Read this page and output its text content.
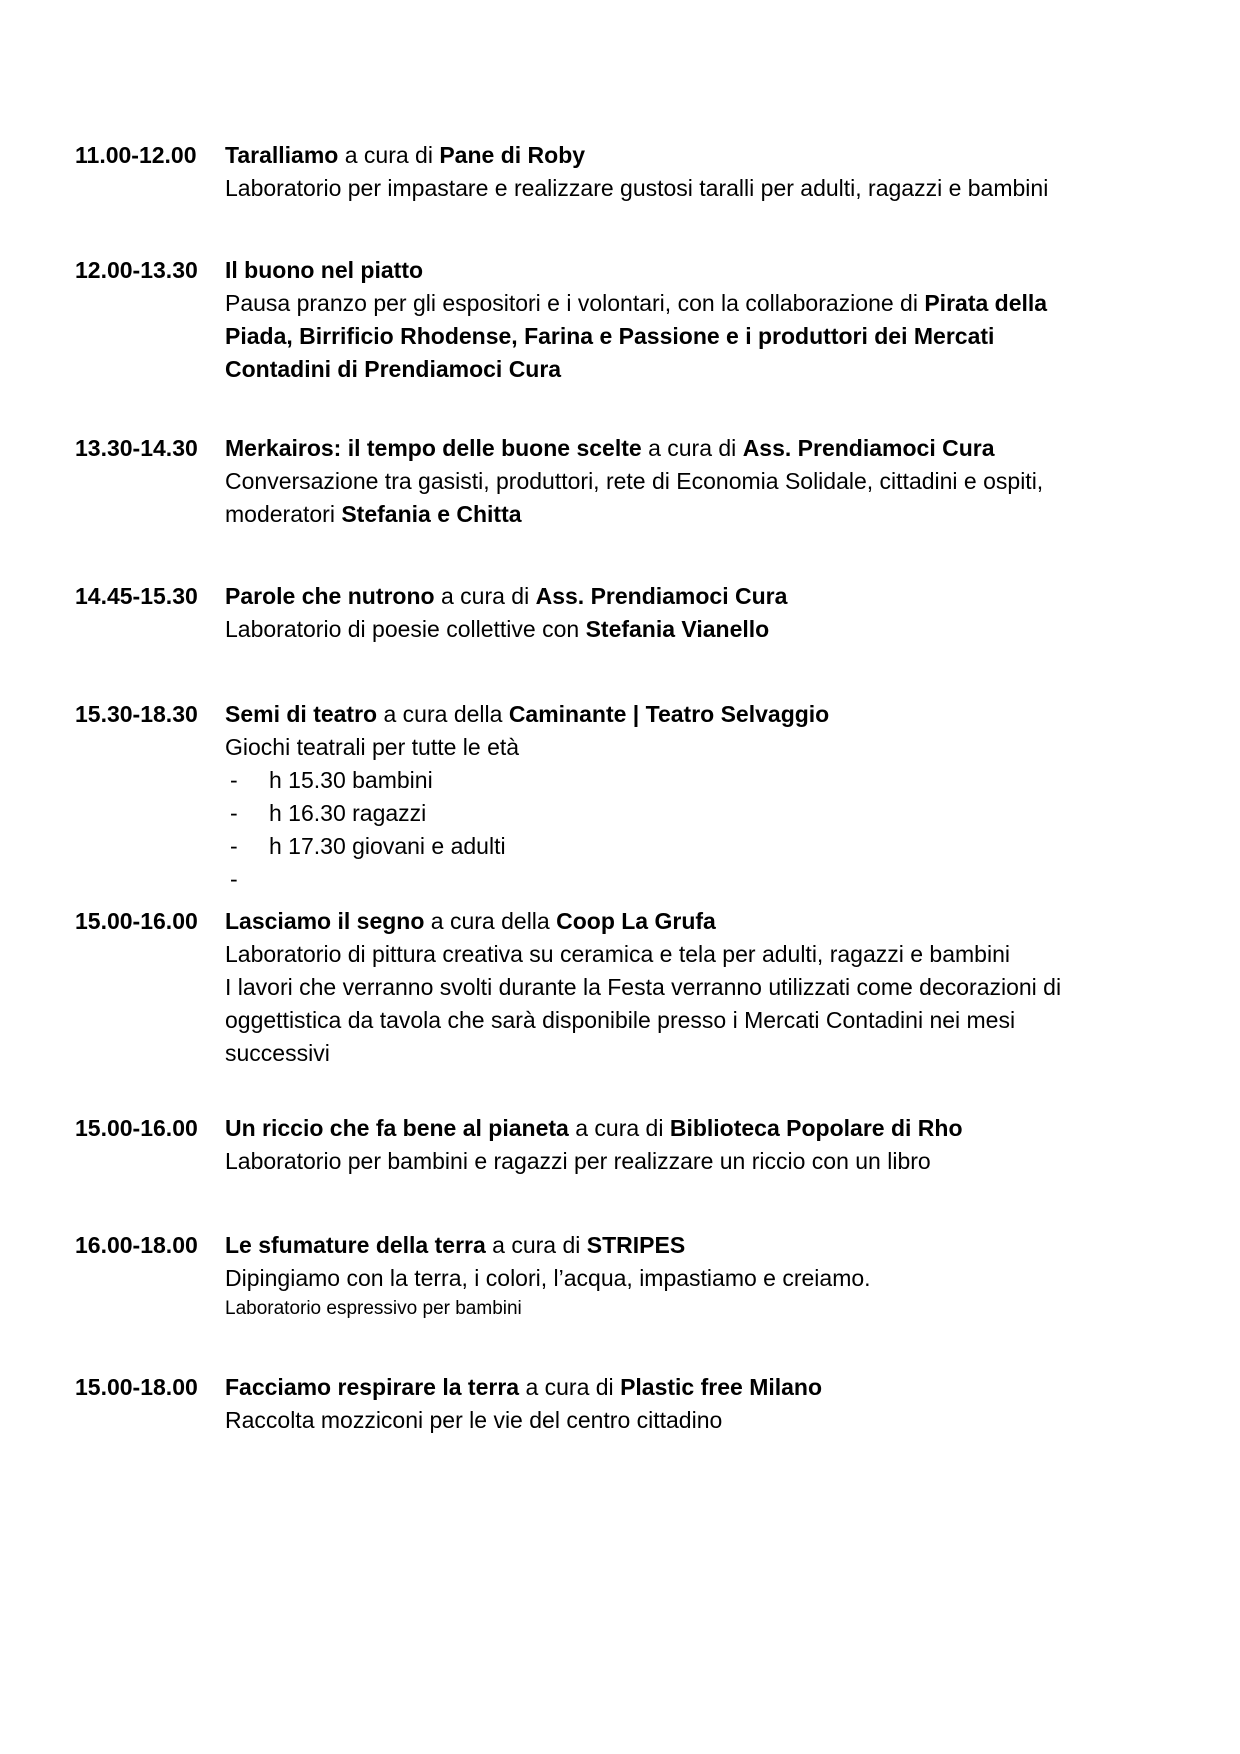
11.00-12.00	Taralliamo a cura di Pane di Roby
Laboratorio per impastare e realizzare gustosi taralli per adulti, ragazzi e bambini
12.00-13.30	Il buono nel piatto
Pausa pranzo per gli espositori e i volontari, con la collaborazione di Pirata della
Piada, Birrificio Rhodense, Farina e Passione e i produttori dei Mercati
Contadini di Prendiamoci Cura
13.30-14.30	Merkairos: il tempo delle buone scelte a cura di Ass. Prendiamoci Cura
Conversazione tra gasisti, produttori, rete di Economia Solidale, cittadini e ospiti,
moderatori Stefania e Chitta
14.45-15.30	Parole che nutrono a cura di Ass. Prendiamoci Cura
Laboratorio di poesie collettive con Stefania Vianello
15.30-18.30	Semi di teatro a cura della Caminante | Teatro Selvaggio
Giochi teatrali per tutte le età
- h 15.30 bambini
- h 16.30 ragazzi
- h 17.30 giovani e adulti
-
15.00-16.00	Lasciamo il segno a cura della Coop La Grufa
Laboratorio di pittura creativa su ceramica e tela per adulti, ragazzi e bambini
I lavori che verranno svolti durante la Festa verranno utilizzati come decorazioni di
oggettistica da tavola che sarà disponibile presso i Mercati Contadini nei mesi
successivi
15.00-16.00	Un riccio che fa bene al pianeta a cura di Biblioteca Popolare di Rho
Laboratorio per bambini e ragazzi per realizzare un riccio con un libro
16.00-18.00	Le sfumature della terra a cura di STRIPES
Dipingiamo con la terra, i colori, l’acqua, impastiamo e creiamo.
Laboratorio espressivo per bambini
15.00-18.00	Facciamo respirare la terra a cura di Plastic free Milano
Raccolta mozziconi per le vie del centro cittadino
